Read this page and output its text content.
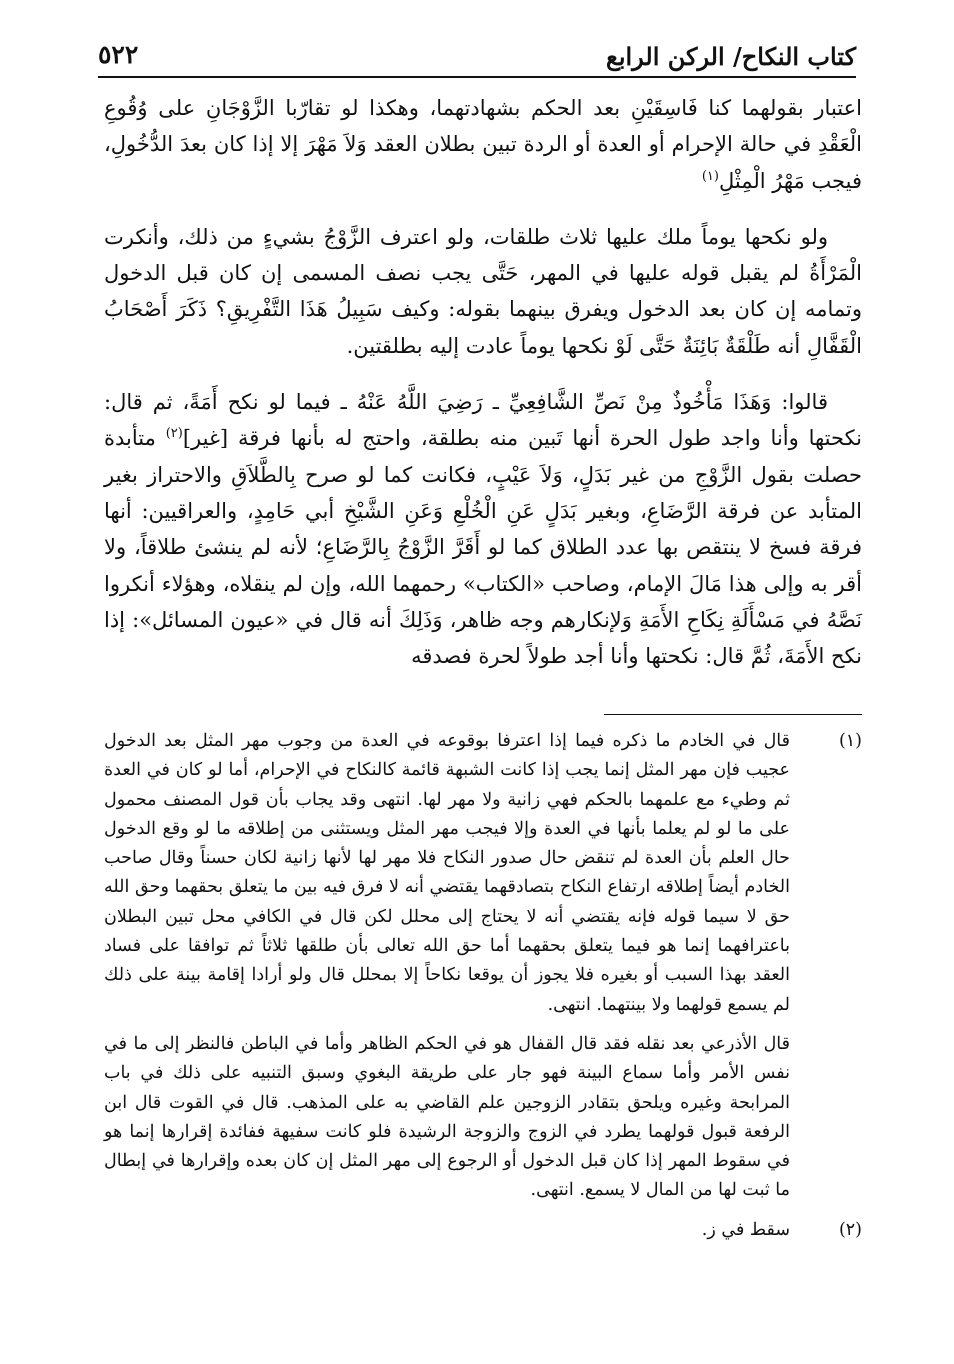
كتاب النكاح/ الركن الرابع
٥٢٢

اعتبار بقولهما كنا فَاسِقَيْنِ بعد الحكم بشهادتهما، وهكذا لو تقارّبا الزَّوْجَانِ على وُقُوعِ الْعَقْدِ في حالة الإحرام أو العدة أو الردة تبين بطلان العقد وَلاَ مَهْرَ إلا إذا كان بعدَ الدُّخُولِ، فيجب مَهْرُ الْمِثْلِ$^{(١)}$

ولو نكحها يوماً ملك عليها ثلاث طلقات، ولو اعترف الزَّوْجُ بشيءٍ من ذلك، وأنكرت الْمَرْأَةُ لم يقبل قوله عليها في المهر، حَتَّى يجب نصف المسمى إن كان قبل الدخول وتمامه إن كان بعد الدخول ويفرق بينهما بقوله: وكيف سَبِيلُ هَذَا التَّفْرِيقِ؟ ذَكَرَ أَصْحَابُ الْقَفَّالِ أنه طَلْقَةٌ بَائِنَةٌ حَتَّى لَوْ نكحها يوماً عادت إليه بطلقتين.

قالوا: وَهَذَا مَأْخُوذٌ مِنْ نَصِّ الشَّافِعِيِّ ـ رَضِيَ اللَّهُ عَنْهُ ـ فيما لو نكح أَمَةً، ثم قال: نكحتها وأنا واجد طول الحرة أنها تَبين منه بطلقة، واحتج له بأنها فرقة [غير]$^{(٢)}$ متأبدة حصلت بقول الزَّوْجِ من غير بَدَلٍ، وَلاَ عَيْبٍ، فكانت كما لو صرح بِالطَّلاَقِ والاحتراز بغير المتأبد عن فرقة الرَّضَاعِ، وبغير بَدَلٍ عَنِ الْخُلْعِ وَعَنِ الشَّيْخِ أبي حَامِدٍ، والعراقيين: أنها فرقة فسخ لا ينتقص بها عدد الطلاق كما لو أَقَرَّ الزَّوْجُ بِالرَّضَاعِ؛ لأنه لم ينشئ طلاقاً، ولا أقر به وإلى هذا مَالَ الإمام، وصاحب «الكتاب» رحمهما الله، وإن لم ينقلاه، وهؤلاء أنكروا نَصَّهُ في مَسْأَلَةِ نِكَاحِ الأَمَةِ وَلإنكارهم وجه ظاهر، وَذَلِكَ أنه قال في «عيون المسائل»: إذا نكح الأَمَةَ، ثُمَّ قال: نكحتها وأنا أجد طولاً لحرة فصدقه

(١)

قال في الخادم ما ذكره فيما إذا اعترفا بوقوعه في العدة من وجوب مهر المثل بعد الدخول عجيب فإن مهر المثل إنما يجب إذا كانت الشبهة قائمة كالنكاح في الإحرام، أما لو كان في العدة ثم وطيء مع علمهما بالحكم فهي زانية ولا مهر لها. انتهى وقد يجاب بأن قول المصنف محمول على ما لو لم يعلما بأنها في العدة وإلا فيجب مهر المثل ويستثنى من إطلاقه ما لو وقع الدخول حال العلم بأن العدة لم تنقض حال صدور النكاح فلا مهر لها لأنها زانية لكان حسناً وقال صاحب الخادم أيضاً إطلاقه ارتفاع النكاح بتصادقهما يقتضي أنه لا فرق فيه بين ما يتعلق بحقهما وحق الله حق لا سيما قوله فإنه يقتضي أنه لا يحتاج إلى محلل لكن قال في الكافي محل تبين البطلان باعترافهما إنما هو فيما يتعلق بحقهما أما حق الله تعالى بأن طلقها ثلاثاً ثم توافقا على فساد العقد بهذا السبب أو بغيره فلا يجوز أن يوقعا نكاحاً إلا بمحلل قال ولو أرادا إقامة بينة على ذلك لم يسمع قولهما ولا بينتهما. انتهى.

قال الأذرعي بعد نقله فقد قال القفال هو في الحكم الظاهر وأما في الباطن فالنظر إلى ما في نفس الأمر وأما سماع البينة فهو جار على طريقة البغوي وسبق التنبيه على ذلك في باب المرابحة وغيره ويلحق بتقادر الزوجين علم القاضي به على المذهب. قال في القوت قال ابن الرفعة قبول قولهما يطرد في الزوج والزوجة الرشيدة فلو كانت سفيهة ففائدة إقرارها إنما هو في سقوط المهر إذا كان قبل الدخول أو الرجوع إلى مهر المثل إن كان بعده وإقرارها في إبطال ما ثبت لها من المال لا يسمع. انتهى.

(٢)

سقط في ز.
